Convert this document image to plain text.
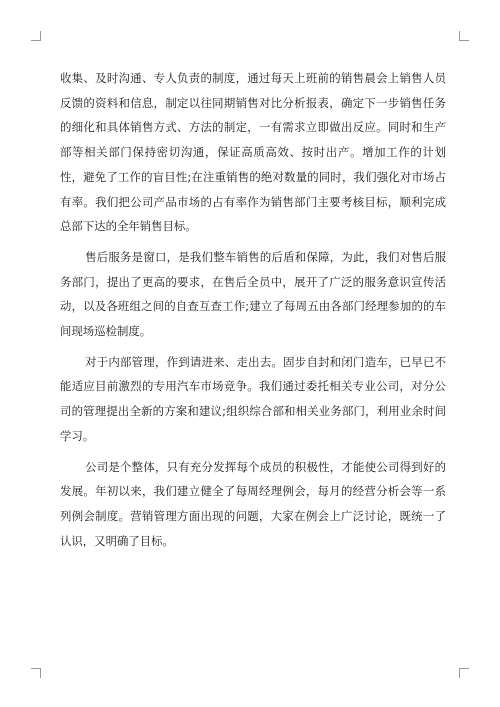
收集、及时沟通、专人负责的制度，通过每天上班前的销售晨会上销售人员反馈的资料和信息，制定以往同期销售对比分析报表，确定下一步销售任务的细化和具体销售方式、方法的制定，一有需求立即做出反应。同时和生产部等相关部门保持密切沟通，保证高质高效、按时出产。增加工作的计划性，避免了工作的盲目性;在注重销售的绝对数量的同时，我们强化对市场占有率。我们把公司产品市场的占有率作为销售部门主要考核目标，顺利完成总部下达的全年销售目标。

售后服务是窗口，是我们整车销售的后盾和保障，为此，我们对售后服务部门，提出了更高的要求，在售后全员中，展开了广泛的服务意识宣传活动，以及各班组之间的自查互查工作;建立了每周五由各部门经理参加的的车间现场巡检制度。

对于内部管理，作到请进来、走出去。固步自封和闭门造车，已早已不能适应目前激烈的专用汽车市场竞争。我们通过委托相关专业公司，对分公司的管理提出全新的方案和建议;组织综合部和相关业务部门，利用业余时间学习。

公司是个整体，只有充分发挥每个成员的积极性，才能使公司得到好的发展。年初以来，我们建立健全了每周经理例会，每月的经营分析会等一系列例会制度。营销管理方面出现的问题，大家在例会上广泛讨论，既统一了认识，又明确了目标。
